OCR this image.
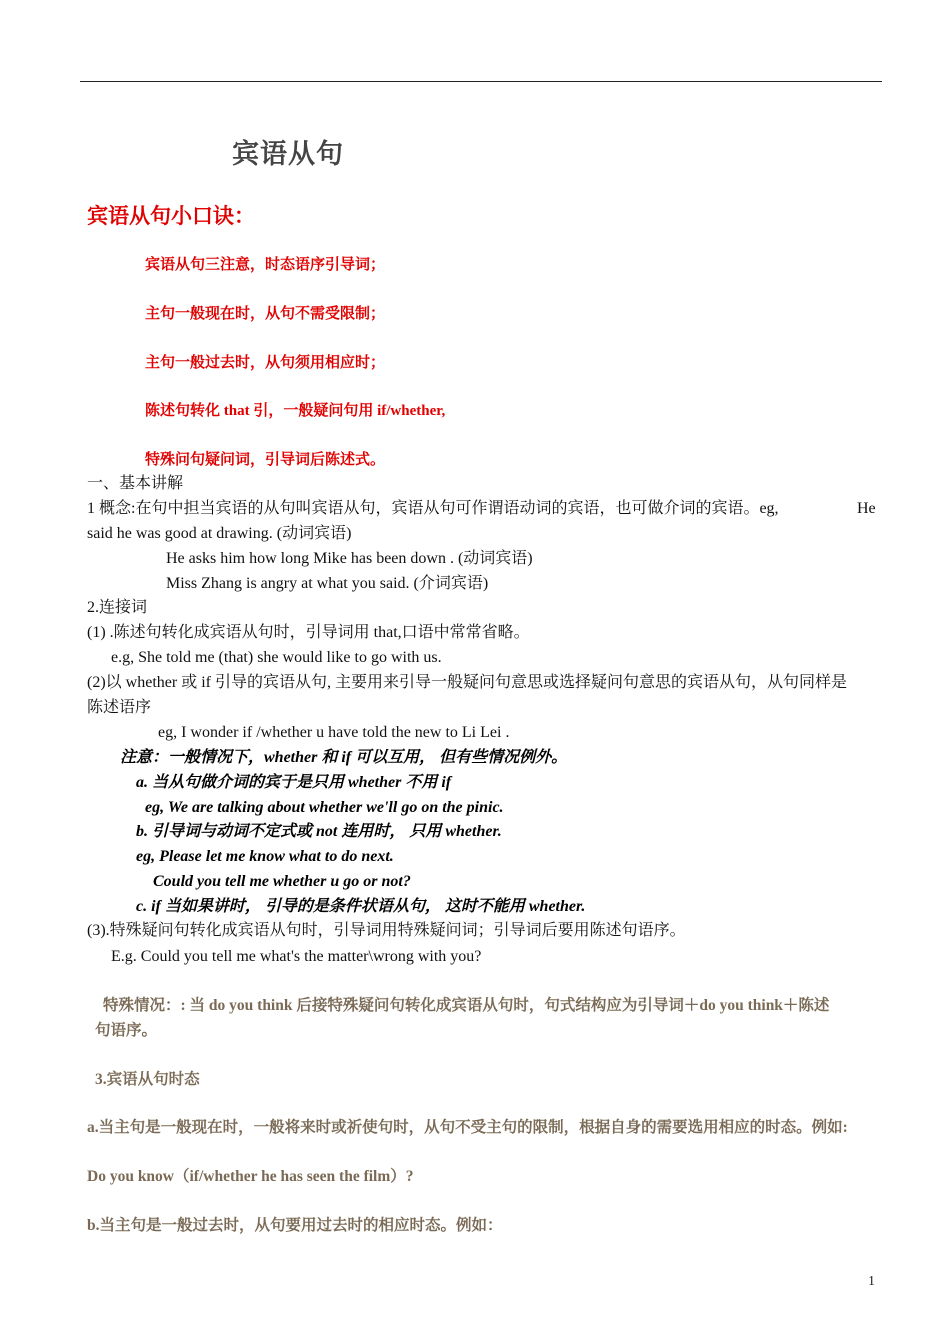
宾语从句
宾语从句小口诀：
宾语从句三注意，时态语序引导词；
主句一般现在时，从句不需受限制；
主句一般过去时，从句须用相应时；
陈述句转化 that 引，一般疑问句用 if/whether,
特殊问句疑问词，引导词后陈述式。
一、基本讲解
1 概念:在句中担当宾语的从句叫宾语从句，宾语从句可作谓语动词的宾语，也可做介词的宾语。eg,	He
said he was good at drawing. (动词宾语)
He asks him how long Mike has been down . (动词宾语)
Miss Zhang is angry at what you said. (介词宾语)
2.连接词
(1) .陈述句转化成宾语从句时，引导词用 that,口语中常常省略。
e.g, She told me (that) she would like to go with us.
(2)以 whether 或 if 引导的宾语从句, 主要用来引导一般疑问句意思或选择疑问句意思的宾语从句，从句同样是
陈述语序
eg, I wonder if /whether u have told the new to Li Lei .
注意：一般情况下，whether 和 if 可以互用， 但有些情况例外。
a. 当从句做介词的宾于是只用 whether 不用 if
eg, We are talking about whether we'll go on the pinic.
b. 引导词与动词不定式或 not 连用时， 只用 whether.
eg, Please let me know what to do next.
Could you tell me whether u go or not?
c. if 当如果讲时， 引导的是条件状语从句， 这时不能用 whether.
(3).特殊疑问句转化成宾语从句时，引导词用特殊疑问词；引导词后要用陈述句语序。
E.g. Could you tell me what's the matter\wrong with you?
特殊情况：: 当 do you think 后接特殊疑问句转化成宾语从句时，句式结构应为引导词＋do you think＋陈述
句语序。
3.宾语从句时态
a.当主句是一般现在时，一般将来时或祈使句时，从句不受主句的限制，根据自身的需要选用相应的时态。例如:
Do you know（if/whether he has seen the film）?
b.当主句是一般过去时，从句要用过去时的相应时态。例如：
1
